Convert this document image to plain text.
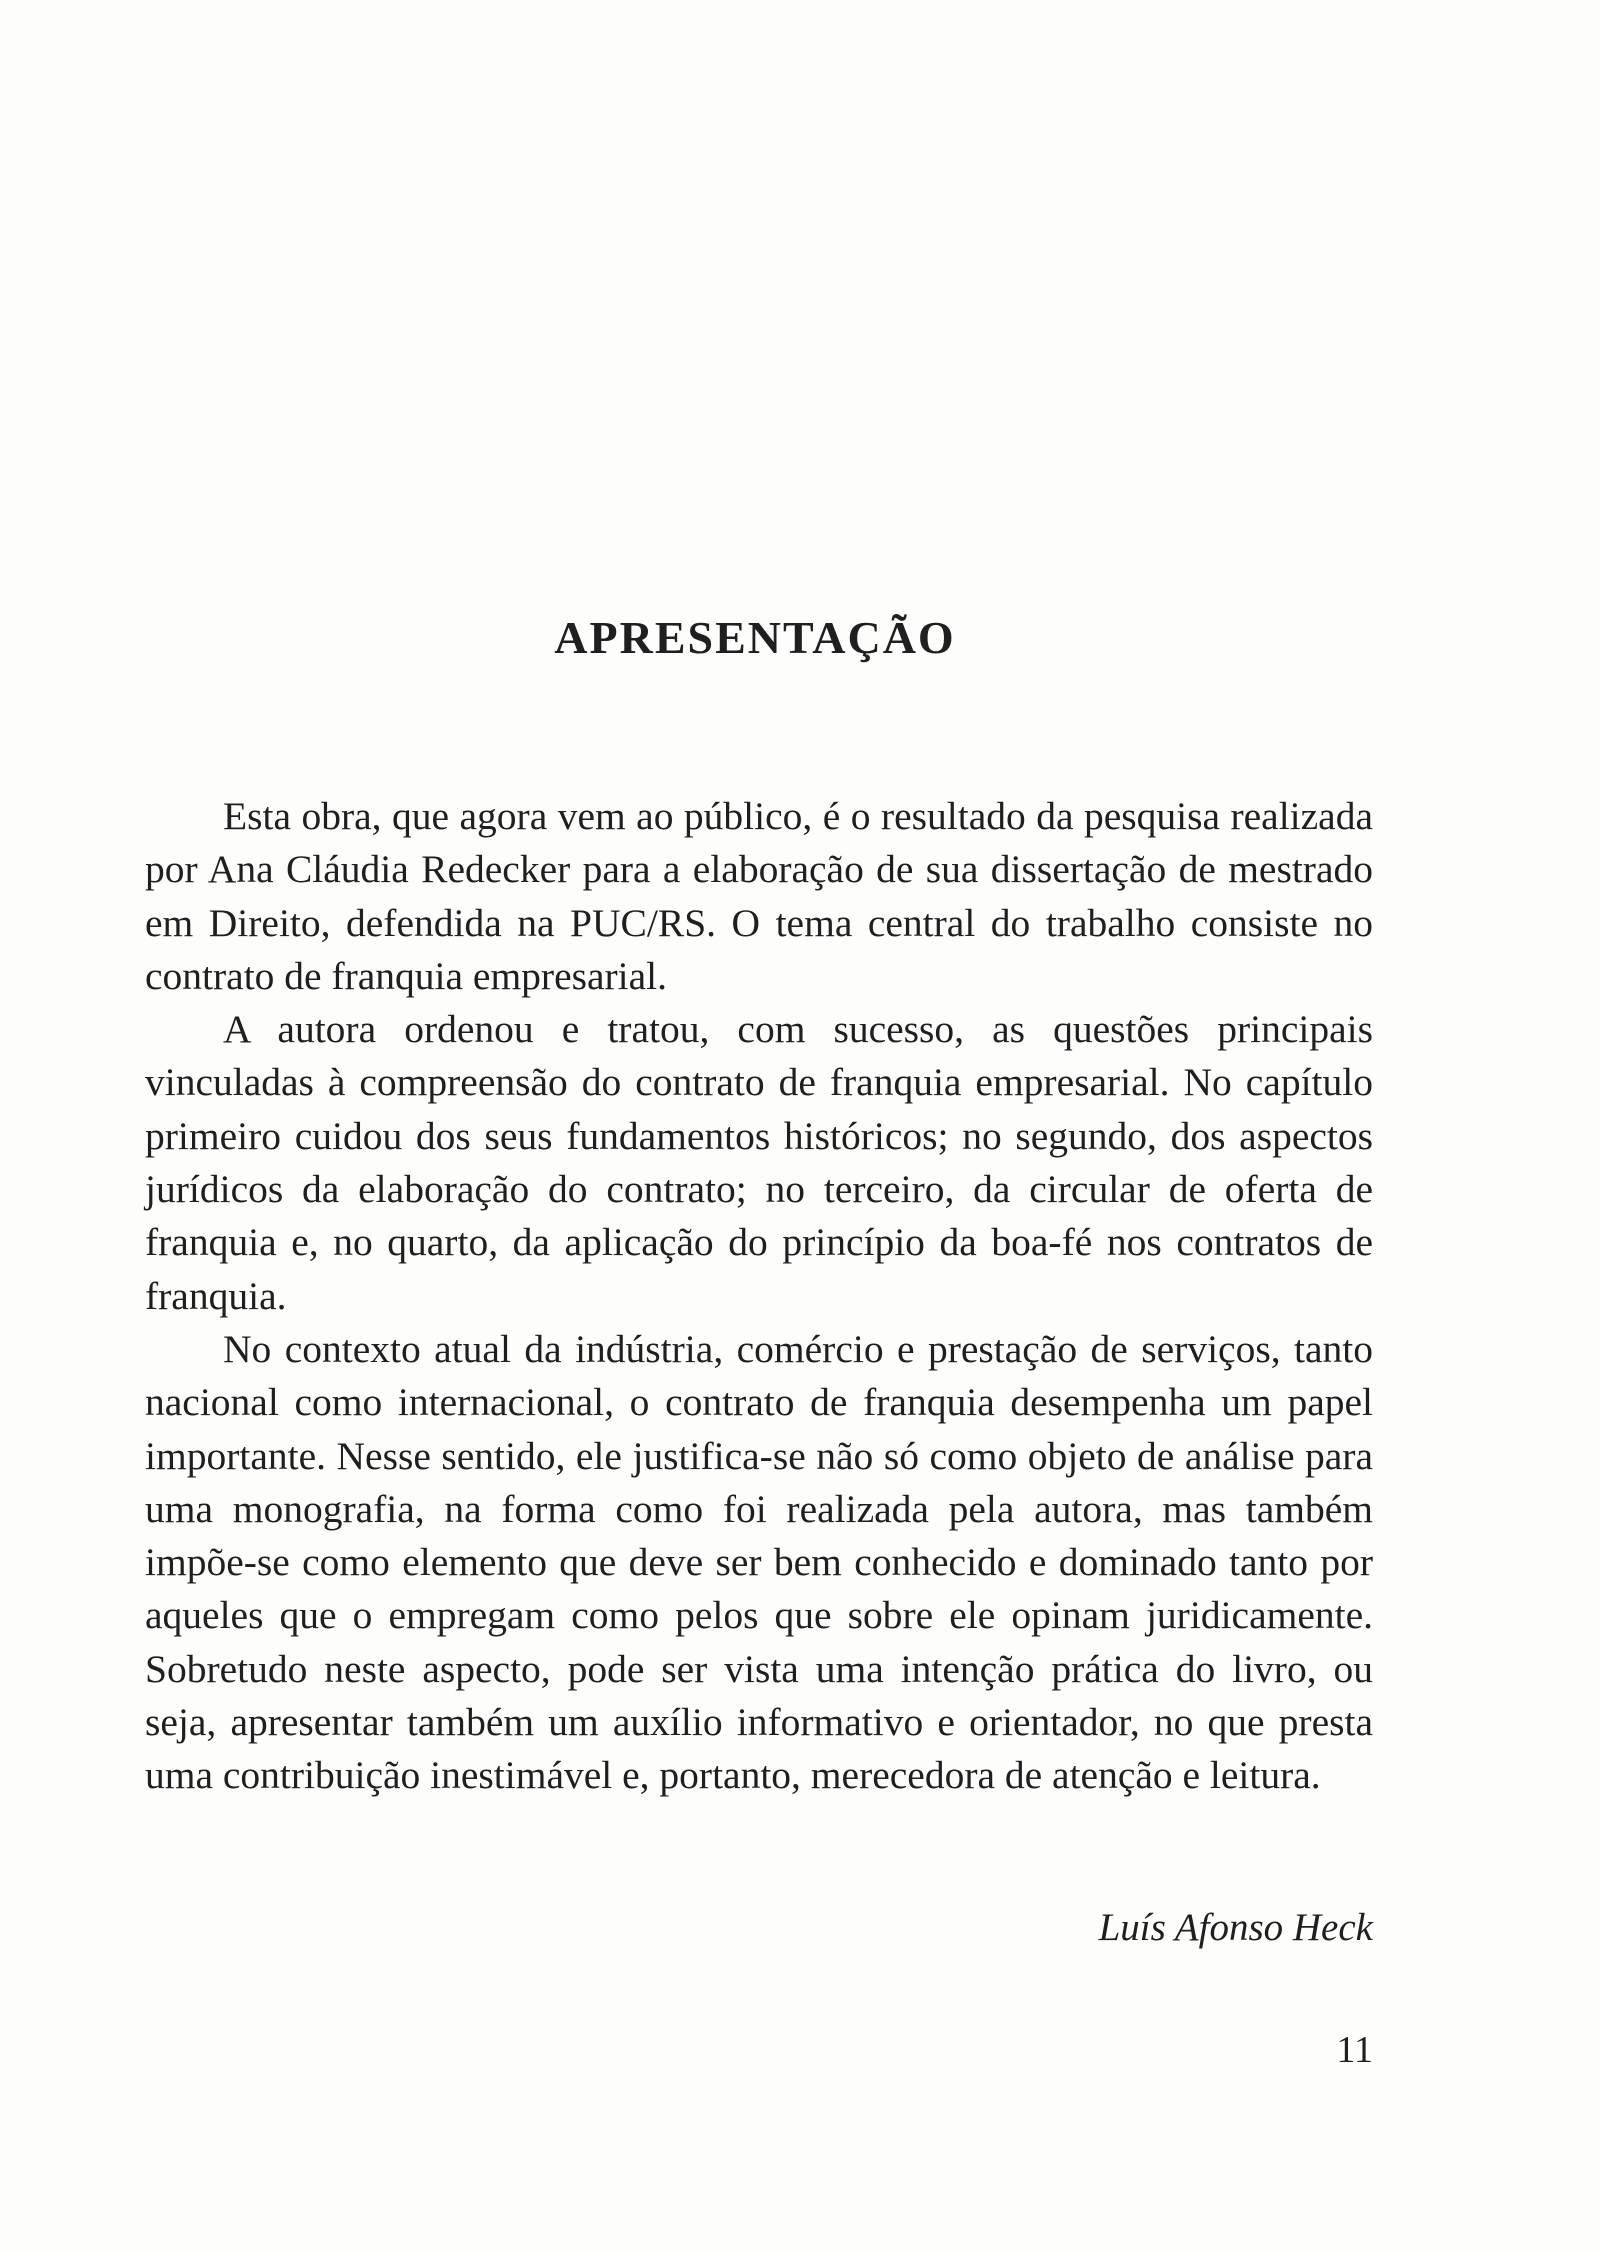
APRESENTAÇÃO

Esta obra, que agora vem ao público, é o resultado da pesquisa realizada por Ana Cláudia Redecker para a elaboração de sua dissertação de mestrado em Direito, defendida na PUC/RS. O tema central do trabalho consiste no contrato de franquia empresarial.

A autora ordenou e tratou, com sucesso, as questões principais vinculadas à compreensão do contrato de franquia empresarial. No capítulo primeiro cuidou dos seus fundamentos históricos; no segundo, dos aspectos jurídicos da elaboração do contrato; no terceiro, da circular de oferta de franquia e, no quarto, da aplicação do princípio da boa-fé nos contratos de franquia.

No contexto atual da indústria, comércio e prestação de serviços, tanto nacional como internacional, o contrato de franquia desempenha um papel importante. Nesse sentido, ele justifica-se não só como objeto de análise para uma monografia, na forma como foi realizada pela autora, mas também impõe-se como elemento que deve ser bem conhecido e dominado tanto por aqueles que o empregam como pelos que sobre ele opinam juridicamente. Sobretudo neste aspecto, pode ser vista uma intenção prática do livro, ou seja, apresentar também um auxílio informativo e orientador, no que presta uma contribuição inestimável e, portanto, merecedora de atenção e leitura.

Luís Afonso Heck
11
